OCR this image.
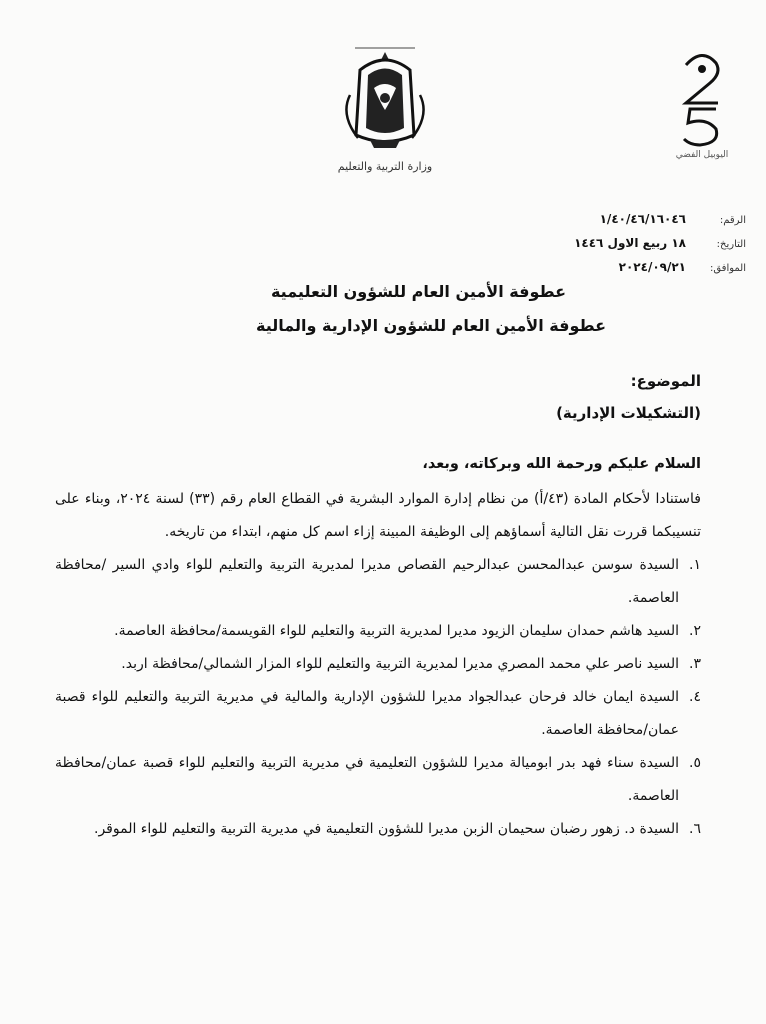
وزارة التربية والتعليم
اليوبيل الفضي
الرقم:
١/٤٠/٤٦/١٦٠٤٦
التاريخ:
١٨ ربيع الاول ١٤٤٦
الموافق:
٢٠٢٤/٠٩/٢١
عطوفة الأمين العام للشؤون التعليمية
عطوفة الأمين العام للشؤون الإدارية والمالية
الموضوع:
(التشكيلات الإدارية)
السلام عليكم ورحمة الله وبركاته، وبعد،

فاستنادا لأحكام المادة (٤٣/أ) من نظام إدارة الموارد البشرية في القطاع العام رقم (٣٣) لسنة ٢٠٢٤، وبناء على تنسيبكما قررت نقل التالية أسماؤهم إلى الوظيفة المبينة إزاء اسم كل منهم، ابتداء من تاريخه.

١.
السيدة سوسن عبدالمحسن عبدالرحيم القصاص مديرا لمديرية التربية والتعليم للواء وادي السير /محافظة العاصمة.
٢.
السيد هاشم حمدان سليمان الزيود مديرا لمديرية التربية والتعليم للواء القويسمة/محافظة العاصمة.
٣.
السيد ناصر علي محمد المصري مديرا لمديرية التربية والتعليم للواء المزار الشمالي/محافظة اربد.
٤.
السيدة ايمان خالد فرحان عبدالجواد مديرا للشؤون الإدارية والمالية في مديرية التربية والتعليم للواء قصبة عمان/محافظة العاصمة.
٥.
السيدة سناء فهد بدر ابوميالة مديرا للشؤون التعليمية في مديرية التربية والتعليم للواء قصبة عمان/محافظة العاصمة.
٦.
السيدة د. زهور رضبان سحيمان الزبن مديرا للشؤون التعليمية في مديرية التربية والتعليم للواء الموقر.
